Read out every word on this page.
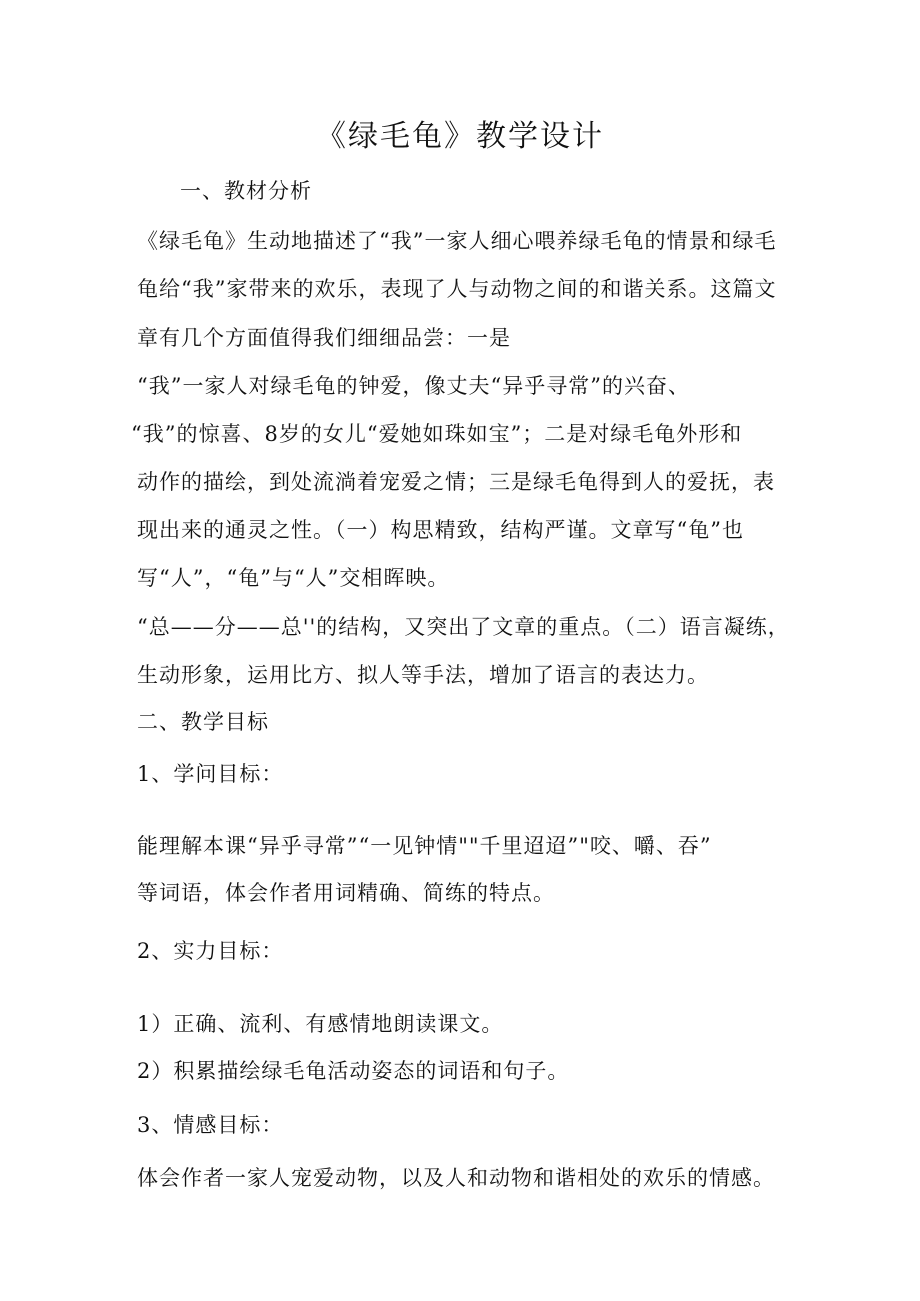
《绿毛龟》教学设计
一、教材分析
《绿毛龟》生动地描述了“我”一家人细心喂养绿毛龟的情景和绿毛
龟给“我”家带来的欢乐，表现了人与动物之间的和谐关系。这篇文
章有几个方面值得我们细细品尝：一是
“我”一家人对绿毛龟的钟爱，像丈夫“异乎寻常”的兴奋、
“我”的惊喜、8岁的女儿“爱她如珠如宝”；二是对绿毛龟外形和
动作的描绘，到处流淌着宠爱之情；三是绿毛龟得到人的爱抚，表
现出来的通灵之性。（一）构思精致，结构严谨。文章写“龟”也
写“人”，“龟”与“人”交相晖映。
“总——分——总''的结构，又突出了文章的重点。（二）语言凝练，
生动形象，运用比方、拟人等手法，增加了语言的表达力。
二、教学目标
1、学问目标：
能理解本课“异乎寻常”“一见钟情""千里迢迢”"咬、嚼、吞”
等词语，体会作者用词精确、简练的特点。
2、实力目标：
1）正确、流利、有感情地朗读课文。
2）积累描绘绿毛龟活动姿态的词语和句子。
3、情感目标：
体会作者一家人宠爱动物，以及人和动物和谐相处的欢乐的情感。
